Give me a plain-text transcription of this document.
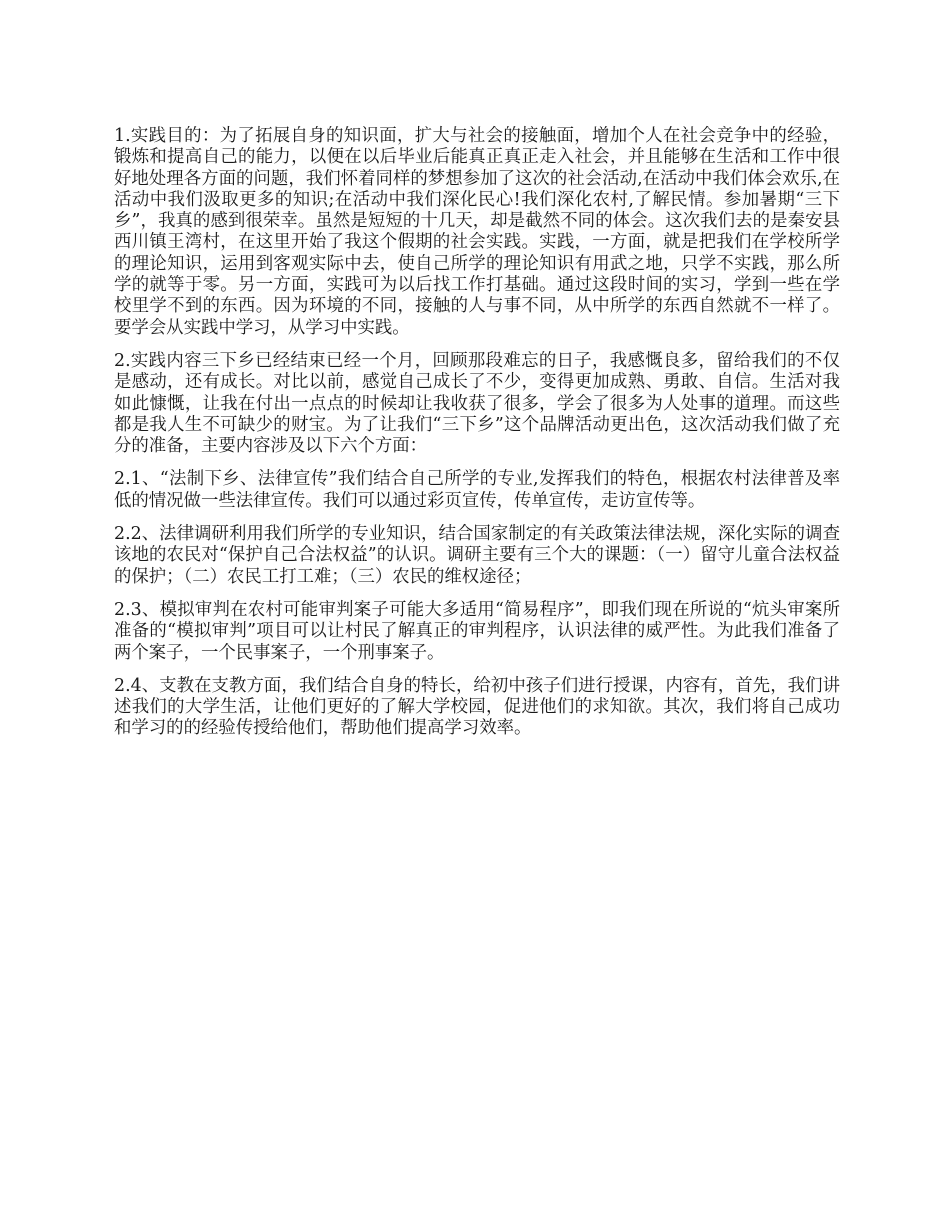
1.实践目的：为了拓展自身的知识面，扩大与社会的接触面，增加个人在社会竞争中的经验，锻炼和提高自己的能力，以便在以后毕业后能真正真正走入社会，并且能够在生活和工作中很好地处理各方面的问题，我们怀着同样的梦想参加了这次的社会活动,在活动中我们体会欢乐,在活动中我们汲取更多的知识;在活动中我们深化民心!我们深化农村,了解民情。参加暑期“三下乡”，我真的感到很荣幸。虽然是短短的十几天，却是截然不同的体会。这次我们去的是秦安县西川镇王湾村，在这里开始了我这个假期的社会实践。实践，一方面，就是把我们在学校所学的理论知识，运用到客观实际中去，使自己所学的理论知识有用武之地，只学不实践，那么所学的就等于零。另一方面，实践可为以后找工作打基础。通过这段时间的实习，学到一些在学校里学不到的东西。因为环境的不同，接触的人与事不同，从中所学的东西自然就不一样了。要学会从实践中学习，从学习中实践。

2.实践内容三下乡已经结束已经一个月，回顾那段难忘的日子，我感慨良多，留给我们的不仅是感动，还有成长。对比以前，感觉自己成长了不少，变得更加成熟、勇敢、自信。生活对我如此慷慨，让我在付出一点点的时候却让我收获了很多，学会了很多为人处事的道理。而这些都是我人生不可缺少的财宝。为了让我们“三下乡”这个品牌活动更出色，这次活动我们做了充分的准备，主要内容涉及以下六个方面：

2.1、“法制下乡、法律宣传”我们结合自己所学的专业,发挥我们的特色，根据农村法律普及率低的情况做一些法律宣传。我们可以通过彩页宣传，传单宣传，走访宣传等。

2.2、法律调研利用我们所学的专业知识，结合国家制定的有关政策法律法规，深化实际的调查该地的农民对“保护自己合法权益”的认识。调研主要有三个大的课题：（一）留守儿童合法权益的保护；（二）农民工打工难；（三）农民的维权途径；

2.3、模拟审判在农村可能审判案子可能大多适用“简易程序”，即我们现在所说的“炕头审案所准备的“模拟审判”项目可以让村民了解真正的审判程序，认识法律的威严性。为此我们准备了两个案子，一个民事案子，一个刑事案子。

2.4、支教在支教方面，我们结合自身的特长，给初中孩子们进行授课，内容有，首先，我们讲述我们的大学生活，让他们更好的了解大学校园，促进他们的求知欲。其次，我们将自己成功和学习的的经验传授给他们，帮助他们提高学习效率。
